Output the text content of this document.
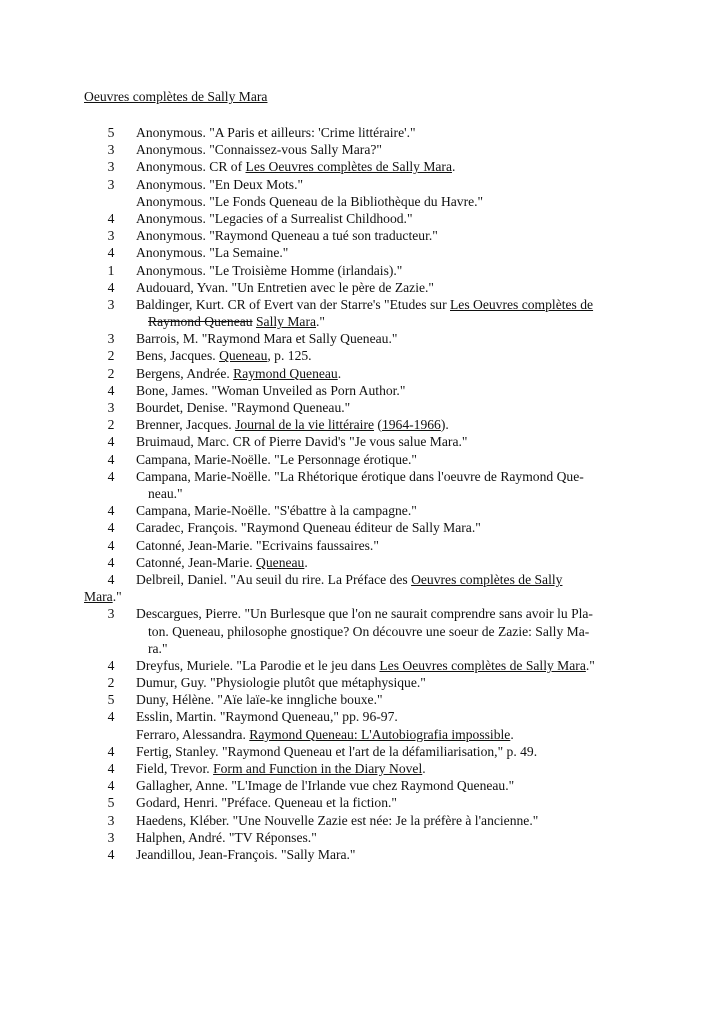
Oeuvres complètes de Sally Mara
5 Anonymous. "A Paris et ailleurs: 'Crime littéraire'."
3 Anonymous. "Connaissez-vous Sally Mara?"
3 Anonymous. CR of Les Oeuvres complètes de Sally Mara.
3 Anonymous. "En Deux Mots."
Anonymous. "Le Fonds Queneau de la Bibliothèque du Havre."
4 Anonymous. "Legacies of a Surrealist Childhood."
3 Anonymous. "Raymond Queneau a tué son traducteur."
4 Anonymous. "La Semaine."
1 Anonymous. "Le Troisième Homme (irlandais)."
4 Audouard, Yvan. "Un Entretien avec le père de Zazie."
3 Baldinger, Kurt. CR of Evert van der Starre's "Etudes sur Les Oeuvres complètes de
Raymond Queneau Sally Mara."
3 Barrois, M. "Raymond Mara et Sally Queneau."
2 Bens, Jacques. Queneau, p. 125.
2 Bergens, Andrée. Raymond Queneau.
4 Bone, James. "Woman Unveiled as Porn Author."
3 Bourdet, Denise. "Raymond Queneau."
2 Brenner, Jacques. Journal de la vie littéraire (1964-1966).
4 Bruimaud, Marc. CR of Pierre David's "Je vous salue Mara."
4 Campana, Marie-Noëlle. "Le Personnage érotique."
4 Campana, Marie-Noëlle. "La Rhétorique érotique dans l'oeuvre de Raymond Que-
neau."
4 Campana, Marie-Noëlle. "S'ébattre à la campagne."
4 Caradec, François. "Raymond Queneau éditeur de Sally Mara."
4 Catonné, Jean-Marie. "Ecrivains faussaires."
4 Catonné, Jean-Marie. Queneau.
4 Delbreil, Daniel. "Au seuil du rire. La Préface des Oeuvres complètes de Sally
Mara."
3 Descargues, Pierre. "Un Burlesque que l'on ne saurait comprendre sans avoir lu Pla-
ton. Queneau, philosophe gnostique? On découvre une soeur de Zazie: Sally Ma-
ra."
4 Dreyfus, Muriele. "La Parodie et le jeu dans Les Oeuvres complètes de Sally Mara."
2 Dumur, Guy. "Physiologie plutôt que métaphysique."
5 Duny, Hélène. "Aïe laïe-ke inngliche bouxe."
4 Esslin, Martin. "Raymond Queneau," pp. 96-97.
Ferraro, Alessandra. Raymond Queneau: L'Autobiografia impossible.
4 Fertig, Stanley. "Raymond Queneau et l'art de la défamiliarisation," p. 49.
4 Field, Trevor. Form and Function in the Diary Novel.
4 Gallagher, Anne. "L'Image de l'Irlande vue chez Raymond Queneau."
5 Godard, Henri. "Préface. Queneau et la fiction."
3 Haedens, Kléber. "Une Nouvelle Zazie est née: Je la préfère à l'ancienne."
3 Halphen, André. "TV Réponses."
4 Jeandillou, Jean-François. "Sally Mara."
